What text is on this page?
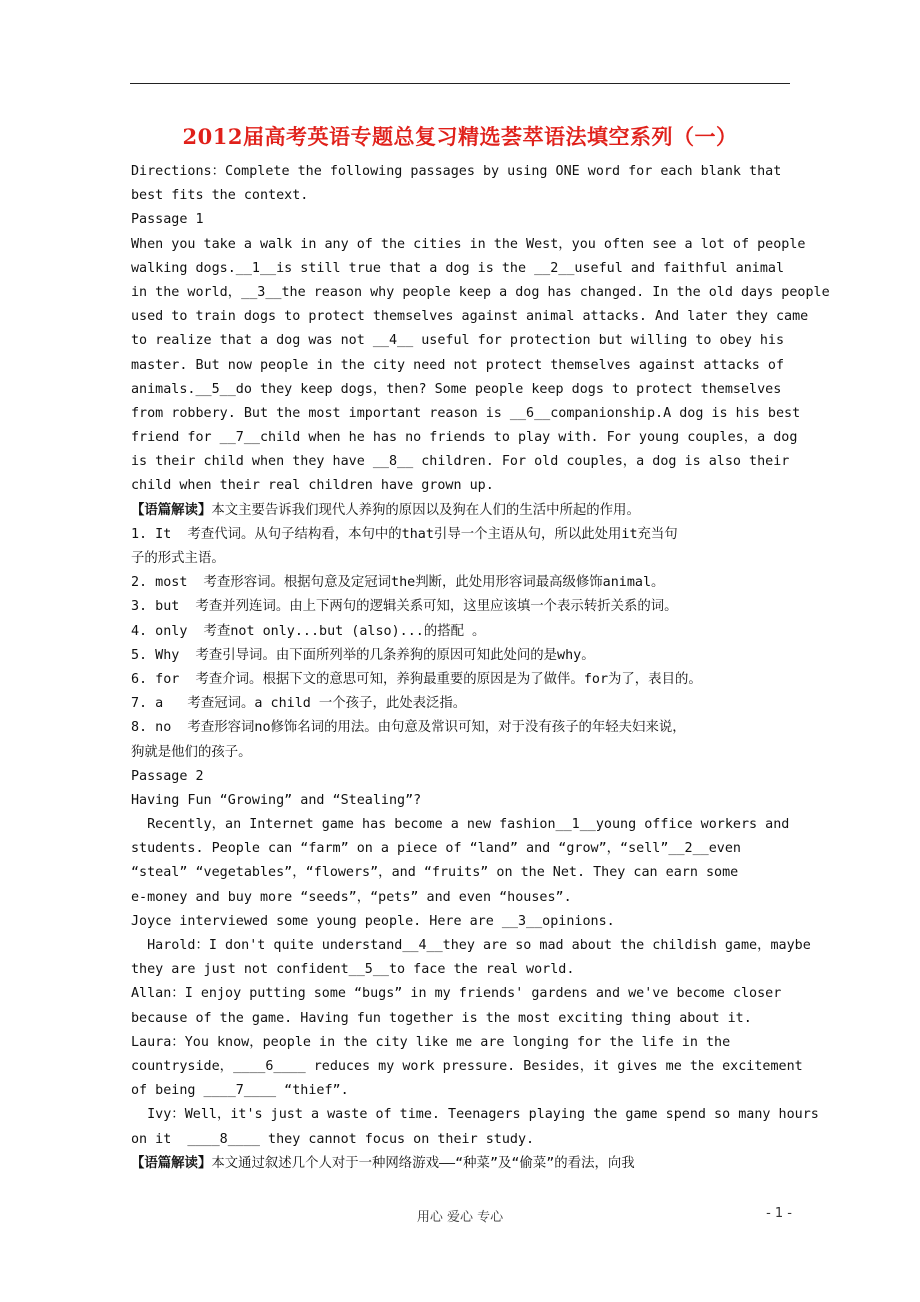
2012届高考英语专题总复习精选荟萃语法填空系列（一）
Directions：Complete the following passages by using ONE word for each blank that
best fits the context.
Passage 1
When you take a walk in any of the cities in the West，you often see a lot of people
walking dogs.__1__is still true that a dog is the __2__useful and faithful animal
in the world，__3__the reason why people keep a dog has changed. In the old days people
used to train dogs to protect themselves against animal attacks. And later they came
to realize that a dog was not __4__ useful for protection but willing to obey his
master. But now people in the city need not protect themselves against attacks of
animals.__5__do they keep dogs，then? Some people keep dogs to protect themselves
from robbery. But the most important reason is __6__companionship.A dog is his best
friend for __7__child when he has no friends to play with. For young couples，a dog
is their child when they have __8__ children. For old couples，a dog is also their
child when their real children have grown up.
【语篇解读】本文主要告诉我们现代人养狗的原因以及狗在人们的生活中所起的作用。
1. It  考查代词。从句子结构看，本句中的that引导一个主语从句，所以此处用it充当句
子的形式主语。
2. most  考查形容词。根据句意及定冠词the判断，此处用形容词最高级修饰animal。
3. but  考查并列连词。由上下两句的逻辑关系可知，这里应该填一个表示转折关系的词。
4. only  考查not only...but (also)...的搭配 。
5. Why  考查引导词。由下面所列举的几条养狗的原因可知此处问的是why。
6. for  考查介词。根据下文的意思可知，养狗最重要的原因是为了做伴。for为了，表目的。
7. a   考查冠词。a child 一个孩子，此处表泛指。
8. no  考查形容词no修饰名词的用法。由句意及常识可知，对于没有孩子的年轻夫妇来说，
狗就是他们的孩子。
Passage 2
Having Fun “Growing” and “Stealing”?
Recently，an Internet game has become a new fashion__1__young office workers and
students. People can “farm” on a piece of “land” and “grow”，“sell”__2__even
“steal” “vegetables”，“flowers”，and “fruits” on the Net. They can earn some
e-money and buy more “seeds”，“pets” and even “houses”.
Joyce interviewed some young people. Here are __3__opinions.
Harold：I don't quite understand__4__they are so mad about the childish game，maybe
they are just not confident__5__to face the real world.
Allan：I enjoy putting some “bugs” in my friends' gardens and we've become closer
because of the game. Having fun together is the most exciting thing about it.
Laura：You know，people in the city like me are longing for the life in the
countryside，____6____ reduces my work pressure. Besides，it gives me the excitement
of being ____7____ “thief”.
Ivy：Well，it's just a waste of time. Teenagers playing the game spend so many hours
on it  ____8____ they cannot focus on their study.
【语篇解读】本文通过叙述几个人对于一种网络游戏——“种菜”及“偷菜”的看法，向我
用心 爱心 专心	- 1 -
